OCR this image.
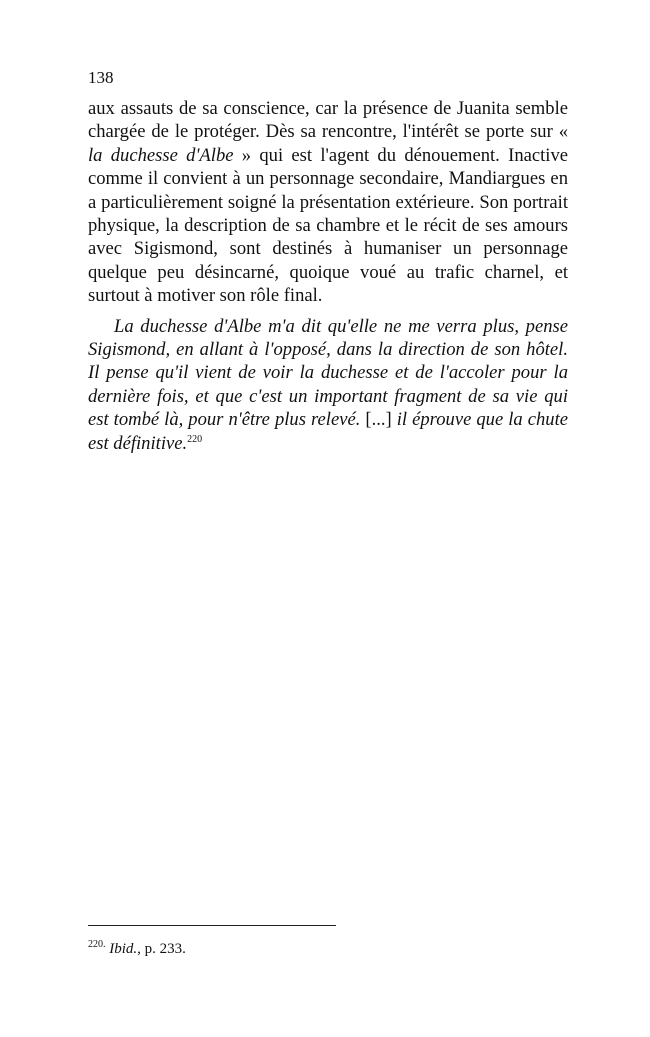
138

aux assauts de sa conscience, car la présence de Juanita semble chargée de le protéger. Dès sa rencontre, l'intérêt se porte sur « la duchesse d'Albe » qui est l'agent du dénouement. Inactive comme il convient à un personnage secondaire, Mandiargues en a particulièrement soigné la présentation extérieure. Son portrait physique, la description de sa chambre et le récit de ses amours avec Sigismond, sont destinés à humaniser un personnage quelque peu désincarné, quoique voué au trafic charnel, et surtout à motiver son rôle final.

La duchesse d'Albe m'a dit qu'elle ne me verra plus, pense Sigismond, en allant à l'opposé, dans la direction de son hôtel. Il pense qu'il vient de voir la duchesse et de l'accoler pour la dernière fois, et que c'est un important fragment de sa vie qui est tombé là, pour n'être plus relevé. [...] il éprouve que la chute est définitive.$^{220}$

$^{220.}$ Ibid., p. 233.
